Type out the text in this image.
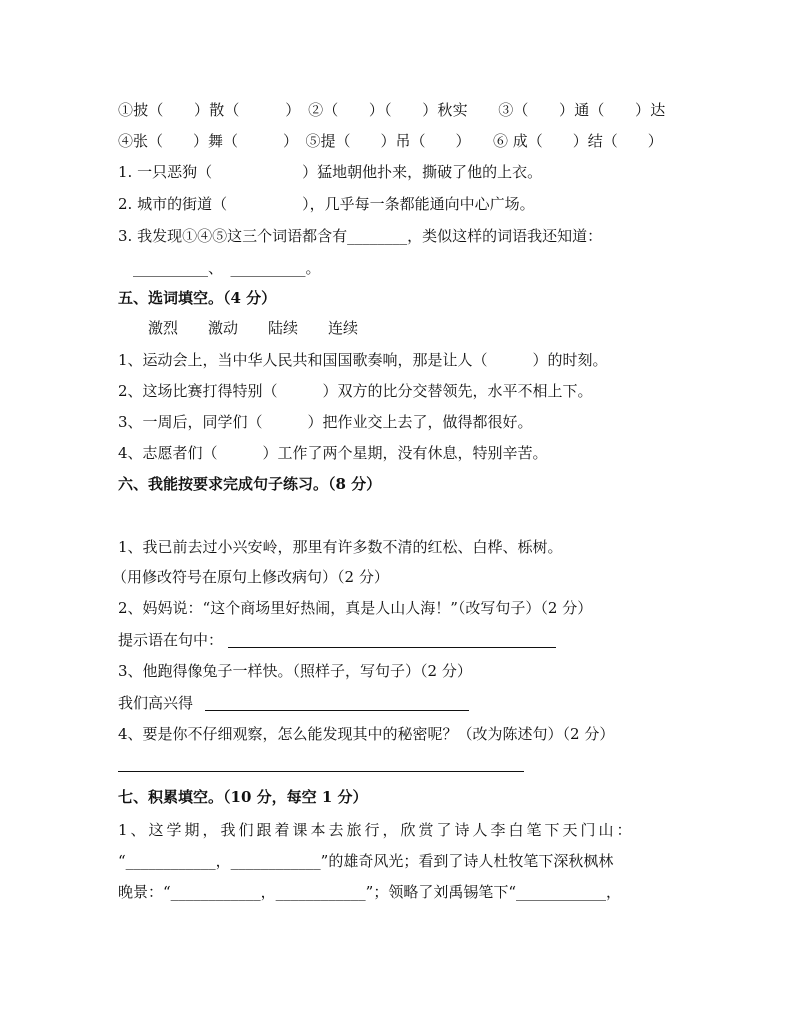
①披（　　）散（　　　）　②（　　）（　　）秋实　　③（　　）通（　　）达
④张（　　）舞（　　　）　⑤提（　　）吊（　　）　　⑥ 成（　　）结（　　）
1. 一只恶狗（　　　　　　）猛地朝他扑来，撕破了他的上衣。
2. 城市的街道（　　　　　），几乎每一条都能通向中心广场。
3. 我发现①④⑤这三个词语都含有________，类似这样的词语我还知道：
　__________、　__________。
五、选词填空。（4 分）
激烈　　激动　　陆续　　连续
1、运动会上，当中华人民共和国国歌奏响，那是让人（　　　）的时刻。
2、这场比赛打得特别（　　　）双方的比分交替领先，水平不相上下。
3、一周后，同学们（　　　）把作业交上去了，做得都很好。
4、志愿者们（　　　）工作了两个星期，没有休息，特别辛苦。
六、我能按要求完成句子练习。（8 分）
1、我已前去过小兴安岭，那里有许多数不清的红松、白桦、栎树。
（用修改符号在原句上修改病句）（2 分）
2、妈妈说：“这个商场里好热闹，真是人山人海！”（改写句子）（2 分）
提示语在句中：
3、他跑得像兔子一样快。（照样子，写句子）（2 分）
我们高兴得
4、要是你不仔细观察，怎么能发现其中的秘密呢？（改为陈述句）（2 分）
七、积累填空。（10 分，每空 1 分）
1、这学期，我们跟着课本去旅行，欣赏了诗人李白笔下天门山：
“____________，____________”的雄奇风光；看到了诗人杜牧笔下深秋枫林
晚景：“____________，____________”；领略了刘禹锡笔下“____________，
